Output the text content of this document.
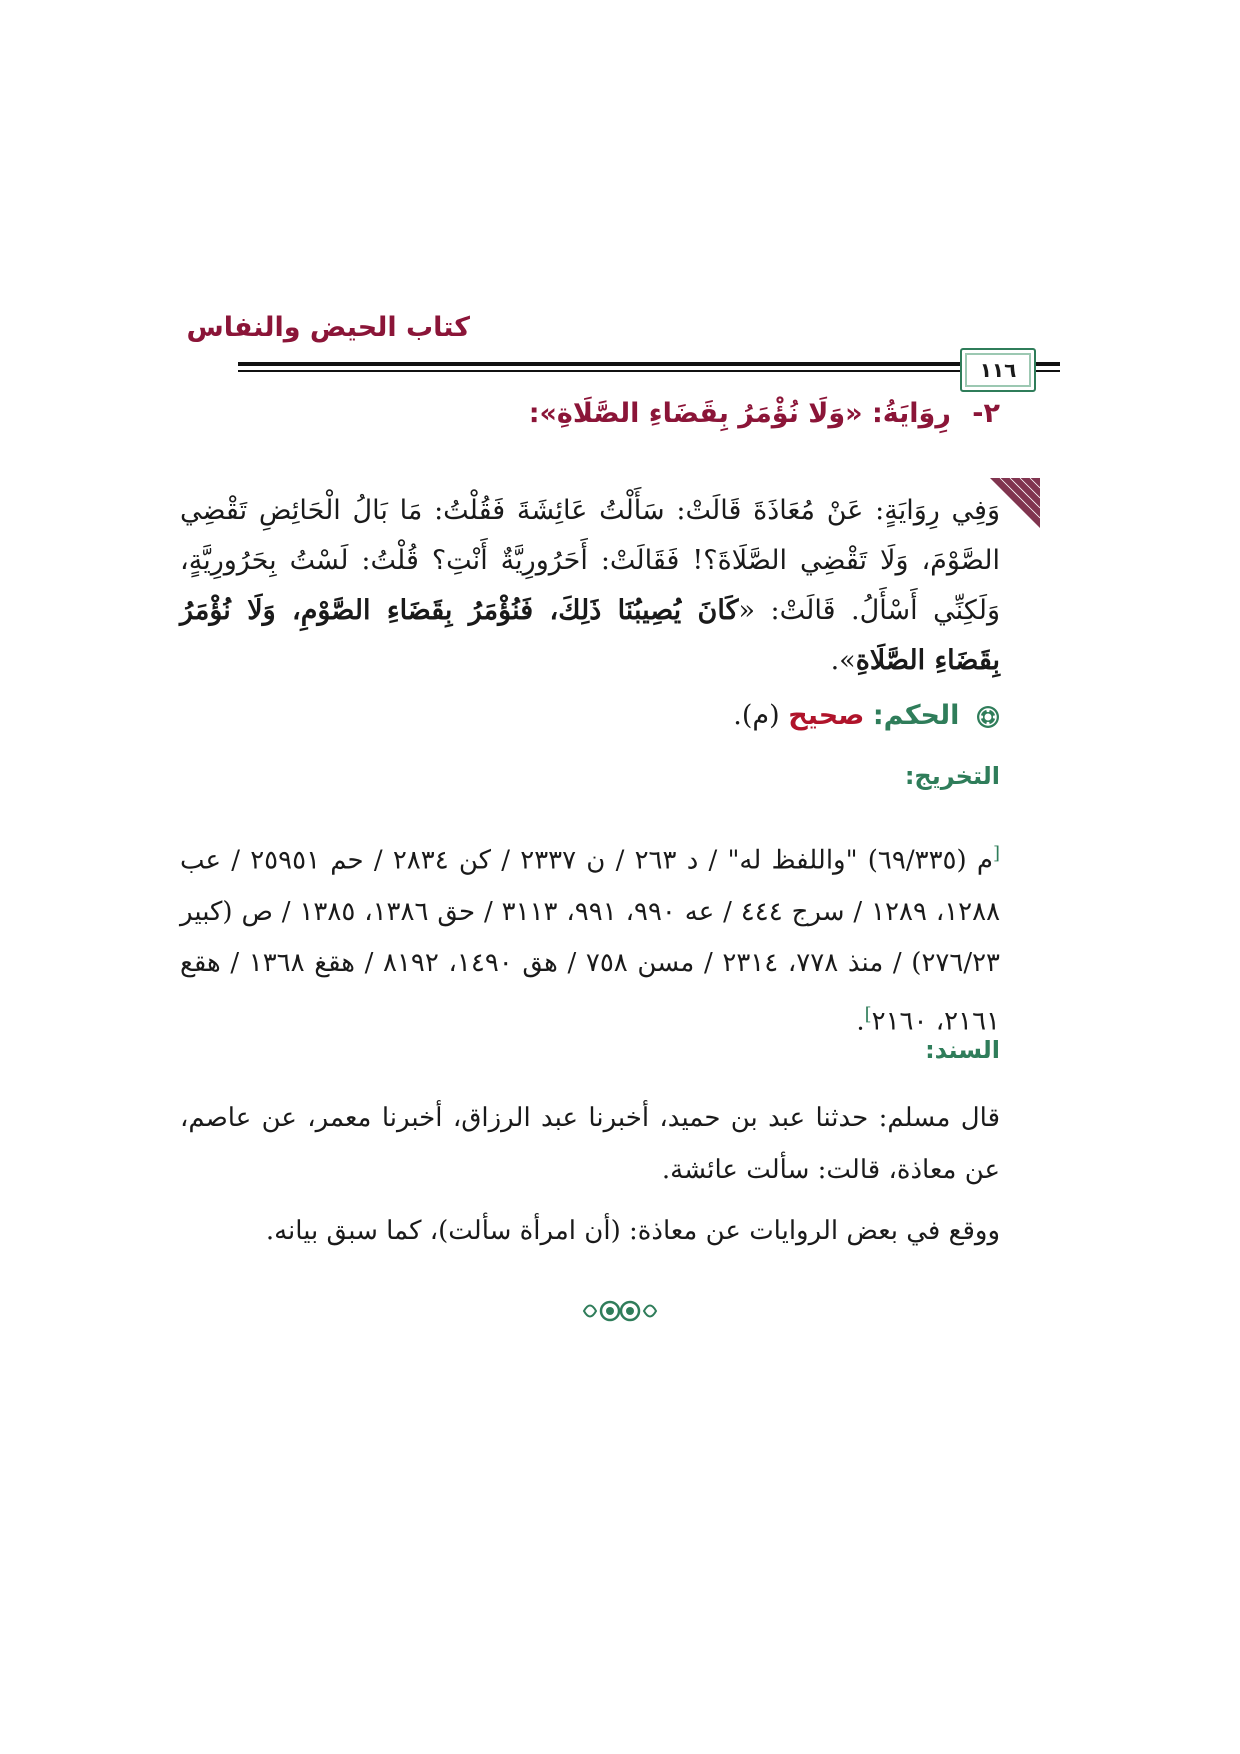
كتاب الحيض والنفاس
١١٦
٢- رِوَايَةُ: «وَلَا نُؤْمَرُ بِقَضَاءِ الصَّلَاةِ»:
وَفِي رِوَايَةٍ: عَنْ مُعَاذَةَ قَالَتْ: سَأَلْتُ عَائِشَةَ فَقُلْتُ: مَا بَالُ الْحَائِضِ تَقْضِي الصَّوْمَ، وَلَا تَقْضِي الصَّلَاةَ؟! فَقَالَتْ: أَحَرُورِيَّةٌ أَنْتِ؟ قُلْتُ: لَسْتُ بِحَرُورِيَّةٍ، وَلَكِنِّي أَسْأَلُ. قَالَتْ: «كَانَ يُصِيبُنَا ذَلِكَ، فَنُؤْمَرُ بِقَضَاءِ الصَّوْمِ، وَلَا نُؤْمَرُ بِقَضَاءِ الصَّلَاةِ».
الحكم: صحيح (م).
التخريج:
[م (٦٩/٣٣٥) "واللفظ له" / د ٢٦٣ / ن ٢٣٣٧ / كن ٢٨٣٤ / حم ٢٥٩٥١ / عب ١٢٨٨، ١٢٨٩ / سرج ٤٤٤ / عه ٩٩٠، ٩٩١، ٣١١٣ / حق ١٣٨٦، ١٣٨٥ / ص (كبير ٢٧٦/٢٣) / منذ ٧٧٨، ٢٣١٤ / مسن ٧٥٨ / هق ١٤٩٠، ٨١٩٢ / هقغ ١٣٦٨ / هقع ٢١٦١، ٢١٦٠].
السند:
قال مسلم: حدثنا عبد بن حميد، أخبرنا عبد الرزاق، أخبرنا معمر، عن عاصم، عن معاذة، قالت: سألت عائشة.
ووقع في بعض الروايات عن معاذة: (أن امرأة سألت)، كما سبق بيانه.
